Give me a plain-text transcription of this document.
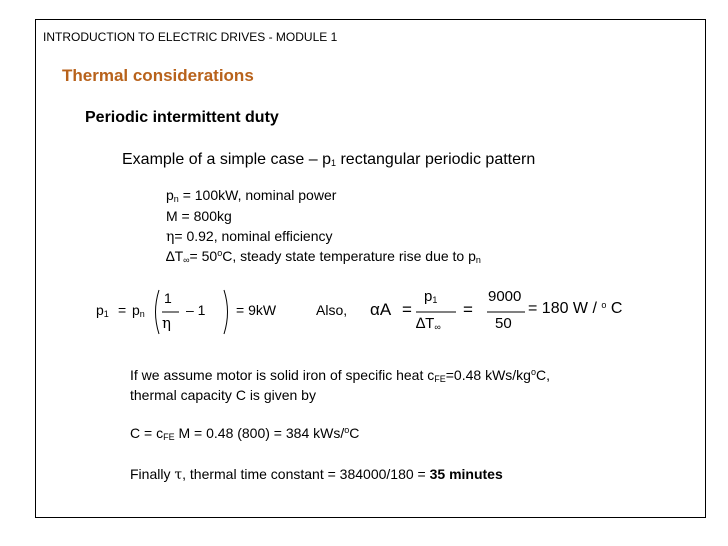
INTRODUCTION TO ELECTRIC DRIVES - MODULE 1
Thermal considerations
Periodic intermittent duty
Example of a simple case – $p_1$ rectangular periodic pattern
$p_n = 100kW$, nominal power
M = 800kg
η= 0.92, nominal efficiency
$\Delta T_\infty= 50^oC$, steady state temperature rise due to $p_n$
$p_1 = p_n$
1
η
– 1 = 9kW	Also, αA =
$p_1$
$\Delta T_\infty$
=
9000
50
= 180 W / $^o$ C
If we assume motor is solid iron of specific heat $c_{FE}=0.48$ kWs/$kg^oC$,
thermal capacity C is given by
$C = c_{FE}$ M = 0.48 (800) = 384 kWs/$^o$C
Finally τ, thermal time constant = 384000/180 = 35 minutes
